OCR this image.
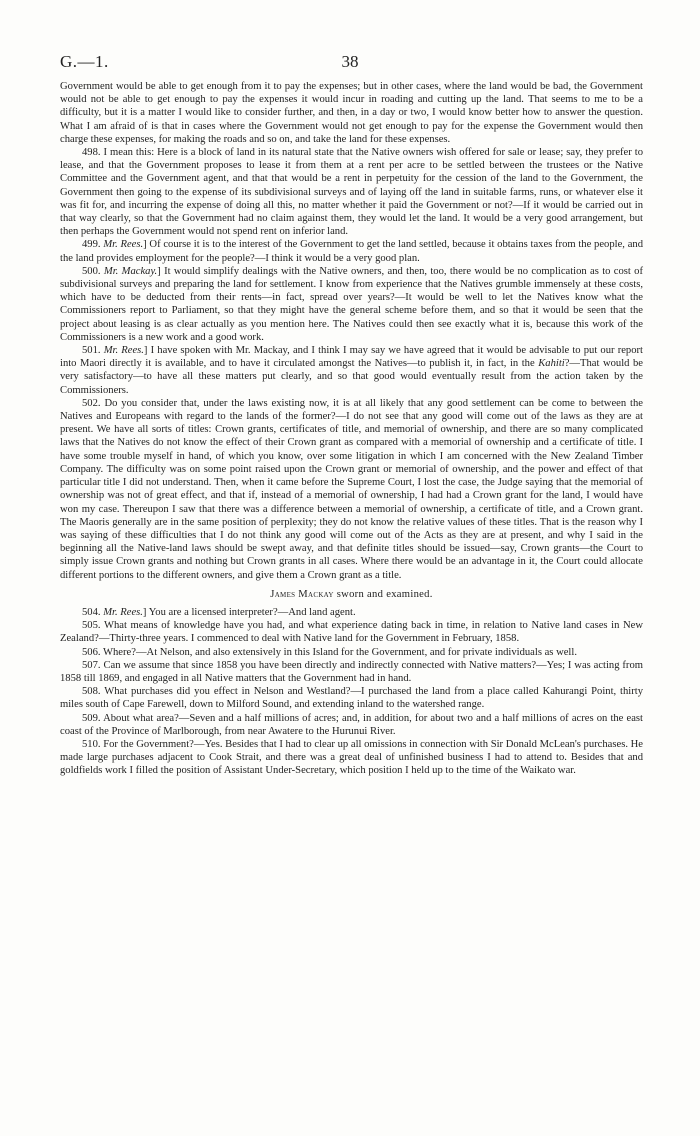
G.—1.	38

Government would be able to get enough from it to pay the expenses; but in other cases, where the land would be bad, the Government would not be able to get enough to pay the expenses it would incur in roading and cutting up the land. That seems to me to be a difficulty, but it is a matter I would like to consider further, and then, in a day or two, I would know better how to answer the question. What I am afraid of is that in cases where the Government would not get enough to pay for the expense the Government would then charge these expenses, for making the roads and so on, and take the land for these expenses.

498. I mean this: Here is a block of land in its natural state that the Native owners wish offered for sale or lease; say, they prefer to lease, and that the Government proposes to lease it from them at a rent per acre to be settled between the trustees or the Native Committee and the Government agent, and that that would be a rent in perpetuity for the cession of the land to the Government, the Government then going to the expense of its subdivisional surveys and of laying off the land in suitable farms, runs, or whatever else it was fit for, and incurring the expense of doing all this, no matter whether it paid the Government or not?—If it would be carried out in that way clearly, so that the Government had no claim against them, they would let the land. It would be a very good arrangement, but then perhaps the Government would not spend rent on inferior land.

499. Mr. Rees.] Of course it is to the interest of the Government to get the land settled, because it obtains taxes from the people, and the land provides employment for the people?—I think it would be a very good plan.

500. Mr. Mackay.] It would simplify dealings with the Native owners, and then, too, there would be no complication as to cost of subdivisional surveys and preparing the land for settlement. I know from experience that the Natives grumble immensely at these costs, which have to be deducted from their rents—in fact, spread over years?—It would be well to let the Natives know what the Commissioners report to Parliament, so that they might have the general scheme before them, and so that it would be seen that the project about leasing is as clear actually as you mention here. The Natives could then see exactly what it is, because this work of the Commissioners is a new work and a good work.

501. Mr. Rees.] I have spoken with Mr. Mackay, and I think I may say we have agreed that it would be advisable to put our report into Maori directly it is available, and to have it circulated amongst the Natives—to publish it, in fact, in the Kahiti?—That would be very satisfactory—to have all these matters put clearly, and so that good would eventually result from the action taken by the Commissioners.

502. Do you consider that, under the laws existing now, it is at all likely that any good settlement can be come to between the Natives and Europeans with regard to the lands of the former?—I do not see that any good will come out of the laws as they are at present. We have all sorts of titles: Crown grants, certificates of title, and memorial of ownership, and there are so many complicated laws that the Natives do not know the effect of their Crown grant as compared with a memorial of ownership and a certificate of title. I have some trouble myself in hand, of which you know, over some litigation in which I am concerned with the New Zealand Timber Company. The difficulty was on some point raised upon the Crown grant or memorial of ownership, and the power and effect of that particular title I did not understand. Then, when it came before the Supreme Court, I lost the case, the Judge saying that the memorial of ownership was not of great effect, and that if, instead of a memorial of ownership, I had had a Crown grant for the land, I would have won my case. Thereupon I saw that there was a difference between a memorial of ownership, a certificate of title, and a Crown grant. The Maoris generally are in the same position of perplexity; they do not know the relative values of these titles. That is the reason why I was saying of these difficulties that I do not think any good will come out of the Acts as they are at present, and why I said in the beginning all the Native-land laws should be swept away, and that definite titles should be issued—say, Crown grants—the Court to simply issue Crown grants and nothing but Crown grants in all cases. Where there would be an advantage in it, the Court could allocate different portions to the different owners, and give them a Crown grant as a title.

James Mackay sworn and examined.

504. Mr. Rees.] You are a licensed interpreter?—And land agent.

505. What means of knowledge have you had, and what experience dating back in time, in relation to Native land cases in New Zealand?—Thirty-three years. I commenced to deal with Native land for the Government in February, 1858.

506. Where?—At Nelson, and also extensively in this Island for the Government, and for private individuals as well.

507. Can we assume that since 1858 you have been directly and indirectly connected with Native matters?—Yes; I was acting from 1858 till 1869, and engaged in all Native matters that the Government had in hand.

508. What purchases did you effect in Nelson and Westland?—I purchased the land from a place called Kahurangi Point, thirty miles south of Cape Farewell, down to Milford Sound, and extending inland to the watershed range.

509. About what area?—Seven and a half millions of acres; and, in addition, for about two and a half millions of acres on the east coast of the Province of Marlborough, from near Awatere to the Hurunui River.

510. For the Government?—Yes. Besides that I had to clear up all omissions in connection with Sir Donald McLean's purchases. He made large purchases adjacent to Cook Strait, and there was a great deal of unfinished business I had to attend to. Besides that and goldfields work I filled the position of Assistant Under-Secretary, which position I held up to the time of the Waikato war.
